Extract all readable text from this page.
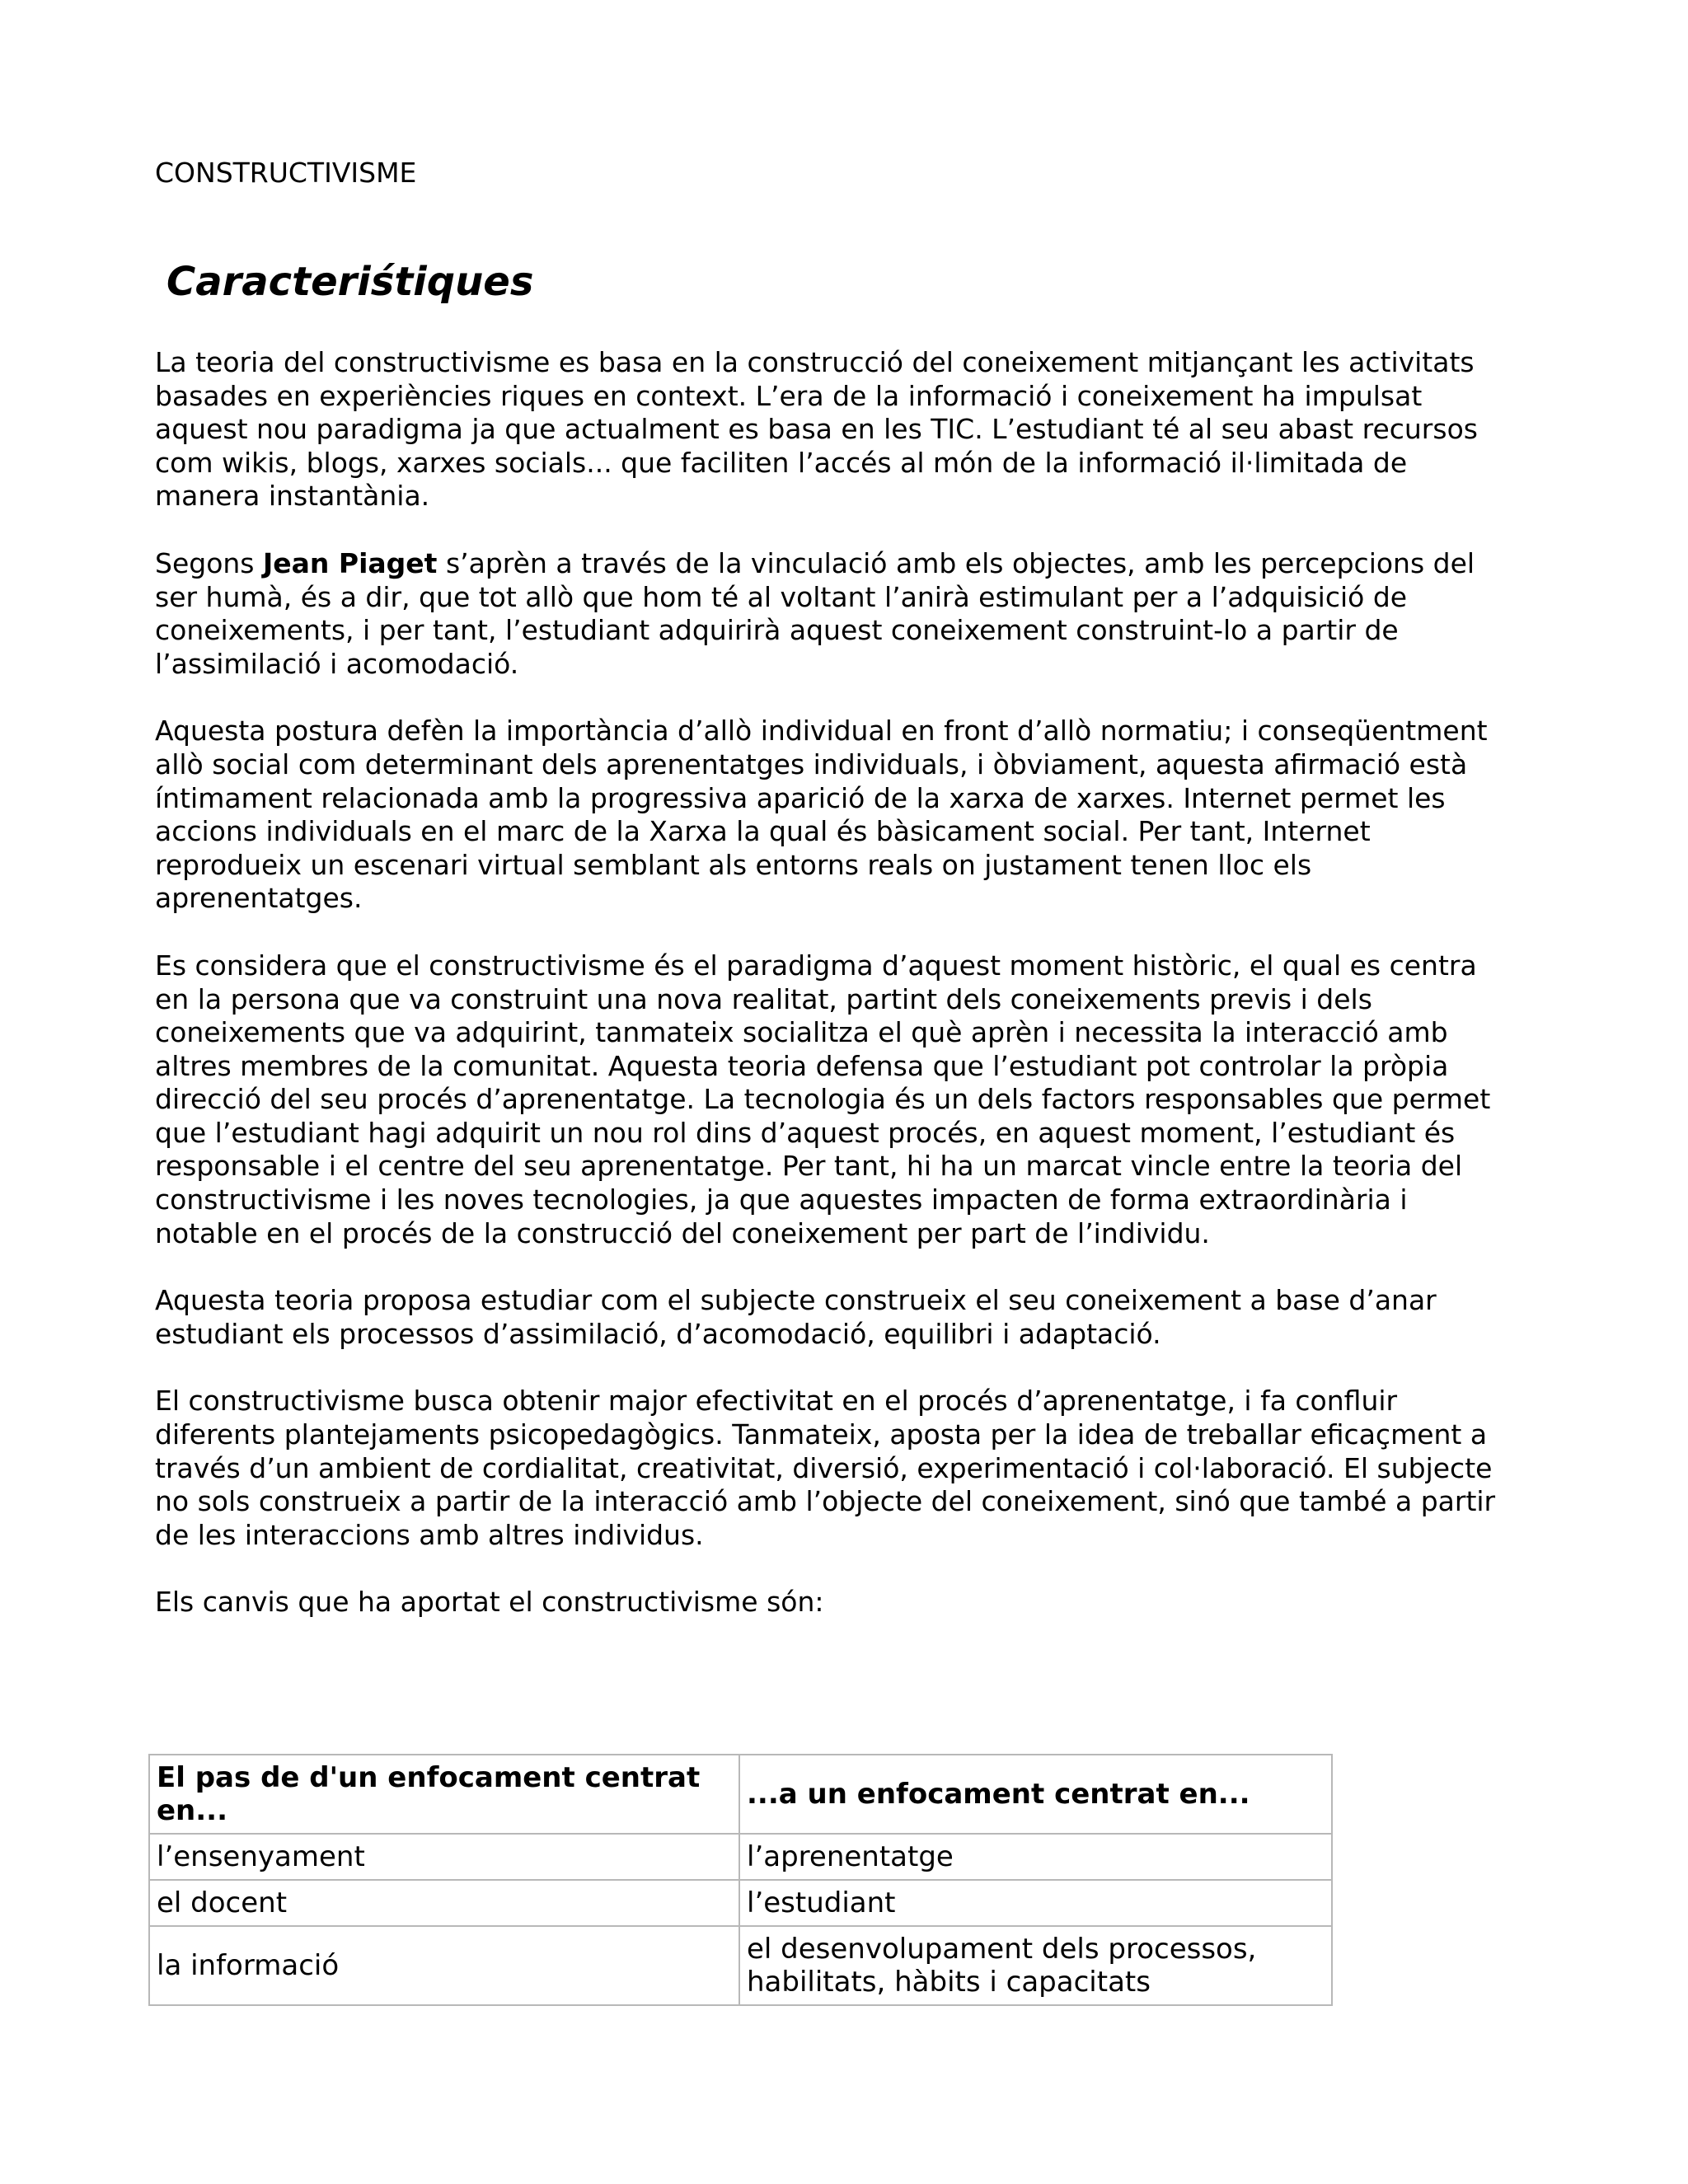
CONSTRUCTIVISME
Caracteriśtiques

La teoria del constructivisme es basa en la construcció del coneixement mitjançant les activitats
basades en experiències riques en context. L’era de la informació i coneixement ha impulsat
aquest nou paradigma ja que actualment es basa en les TIC. L’estudiant té al seu abast recursos
com wikis, blogs, xarxes socials... que faciliten l’accés al món de la informació il·limitada de
manera instantània.

Segons Jean Piaget s’aprèn a través de la vinculació amb els objectes, amb les percepcions del
ser humà, és a dir, que tot allò que hom té al voltant l’anirà estimulant per a l’adquisició de
coneixements, i per tant, l’estudiant adquirirà aquest coneixement construint-lo a partir de
l’assimilació i acomodació.

Aquesta postura defèn la importància d’allò individual en front d’allò normatiu; i conseqüentment
allò social com determinant dels aprenentatges individuals, i òbviament, aquesta afirmació està
íntimament relacionada amb la progressiva aparició de la xarxa de xarxes. Internet permet les
accions individuals en el marc de la Xarxa la qual és bàsicament social. Per tant, Internet
reprodueix un escenari virtual semblant als entorns reals on justament tenen lloc els
aprenentatges.

Es considera que el constructivisme és el paradigma d’aquest moment històric, el qual es centra
en la persona que va construint una nova realitat, partint dels coneixements previs i dels
coneixements que va adquirint, tanmateix socialitza el què aprèn i necessita la interacció amb
altres membres de la comunitat. Aquesta teoria defensa que l’estudiant pot controlar la pròpia
direcció del seu procés d’aprenentatge. La tecnologia és un dels factors responsables que permet
que l’estudiant hagi adquirit un nou rol dins d’aquest procés, en aquest moment, l’estudiant és
responsable i el centre del seu aprenentatge. Per tant, hi ha un marcat vincle entre la teoria del
constructivisme i les noves tecnologies, ja que aquestes impacten de forma extraordinària i
notable en el procés de la construcció del coneixement per part de l’individu.

Aquesta teoria proposa estudiar com el subjecte construeix el seu coneixement a base d’anar
estudiant els processos d’assimilació, d’acomodació, equilibri i adaptació.

El constructivisme busca obtenir major efectivitat en el procés d’aprenentatge, i fa confluir
diferents plantejaments psicopedagògics. Tanmateix, aposta per la idea de treballar eficaçment a
través d’un ambient de cordialitat, creativitat, diversió, experimentació i col·laboració. El subjecte
no sols construeix a partir de la interacció amb l’objecte del coneixement, sinó que també a partir
de les interaccions amb altres individus.

Els canvis que ha aportat el constructivisme són:

El pas de d'un enfocament centrat en...	...a un enfocament centrat en...
l’ensenyament	l’aprenentatge
el docent	l’estudiant
la informació	el desenvolupament dels processos,
habilitats, hàbits i capacitats
